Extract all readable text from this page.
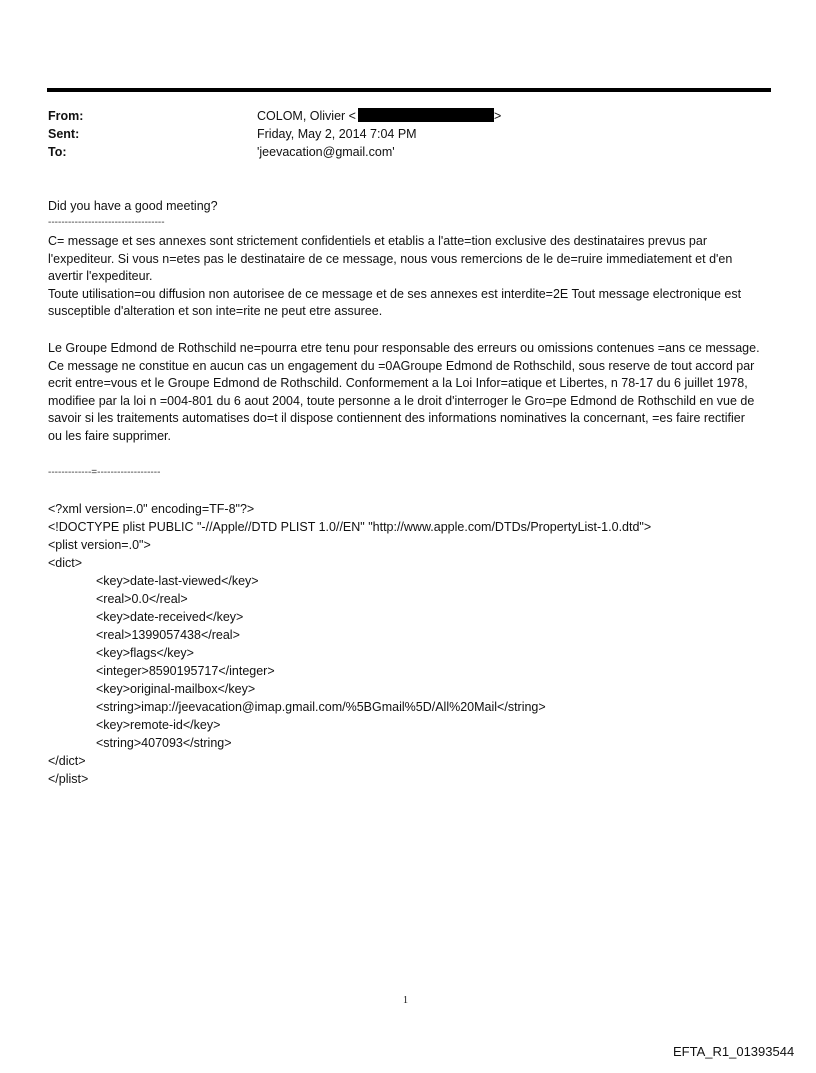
From:	COLOM, Olivier <	>
Sent:	Friday, May 2, 2014 7:04 PM
To:	'jeevacation@gmail.com'
Did you have a good meeting?
-----------------------------------
C= message et ses annexes sont strictement confidentiels et etablis a l'atte=tion exclusive des destinataires prevus par l'expediteur. Si vous n=etes pas le destinataire de ce message, nous vous remercions de le de=ruire immediatement et d'en avertir l'expediteur.
Toute utilisation=ou diffusion non autorisee de ce message et de ses annexes est interdite=2E Tout message electronique est susceptible d'alteration et son inte=rite ne peut etre assuree.
Le Groupe Edmond de Rothschild ne=pourra etre tenu pour responsable des erreurs ou omissions contenues =ans ce message. Ce message ne constitue en aucun cas un engagement du =0AGroupe Edmond de Rothschild, sous reserve de tout accord par ecrit entre=vous et le Groupe Edmond de Rothschild. Conformement a la Loi Infor=atique et Libertes, n 78-17 du 6 juillet 1978, modifiee par la loi n =004-801 du 6 aout 2004, toute personne a le droit d'interroger le Gro=pe Edmond de Rothschild en vue de savoir si les traitements automatises do=t il dispose contiennent des informations nominatives la concernant, =es faire rectifier ou les faire supprimer.
-------------=-------------------
<?xml version=.0" encoding=TF-8"?>
<!DOCTYPE plist PUBLIC "-//Apple//DTD PLIST 1.0//EN" "http://www.apple.com/DTDs/PropertyList-1.0.dtd">
<plist version=.0">
<dict>
<key>date-last-viewed</key>
<real>0.0</real>
<key>date-received</key>
<real>1399057438</real>
<key>flags</key>
<integer>8590195717</integer>
<key>original-mailbox</key>
<string>imap://jeevacation@imap.gmail.com/%5BGmail%5D/All%20Mail</string>
<key>remote-id</key>
<string>407093</string>
</dict>
</plist>
1
EFTA_R1_01393544
